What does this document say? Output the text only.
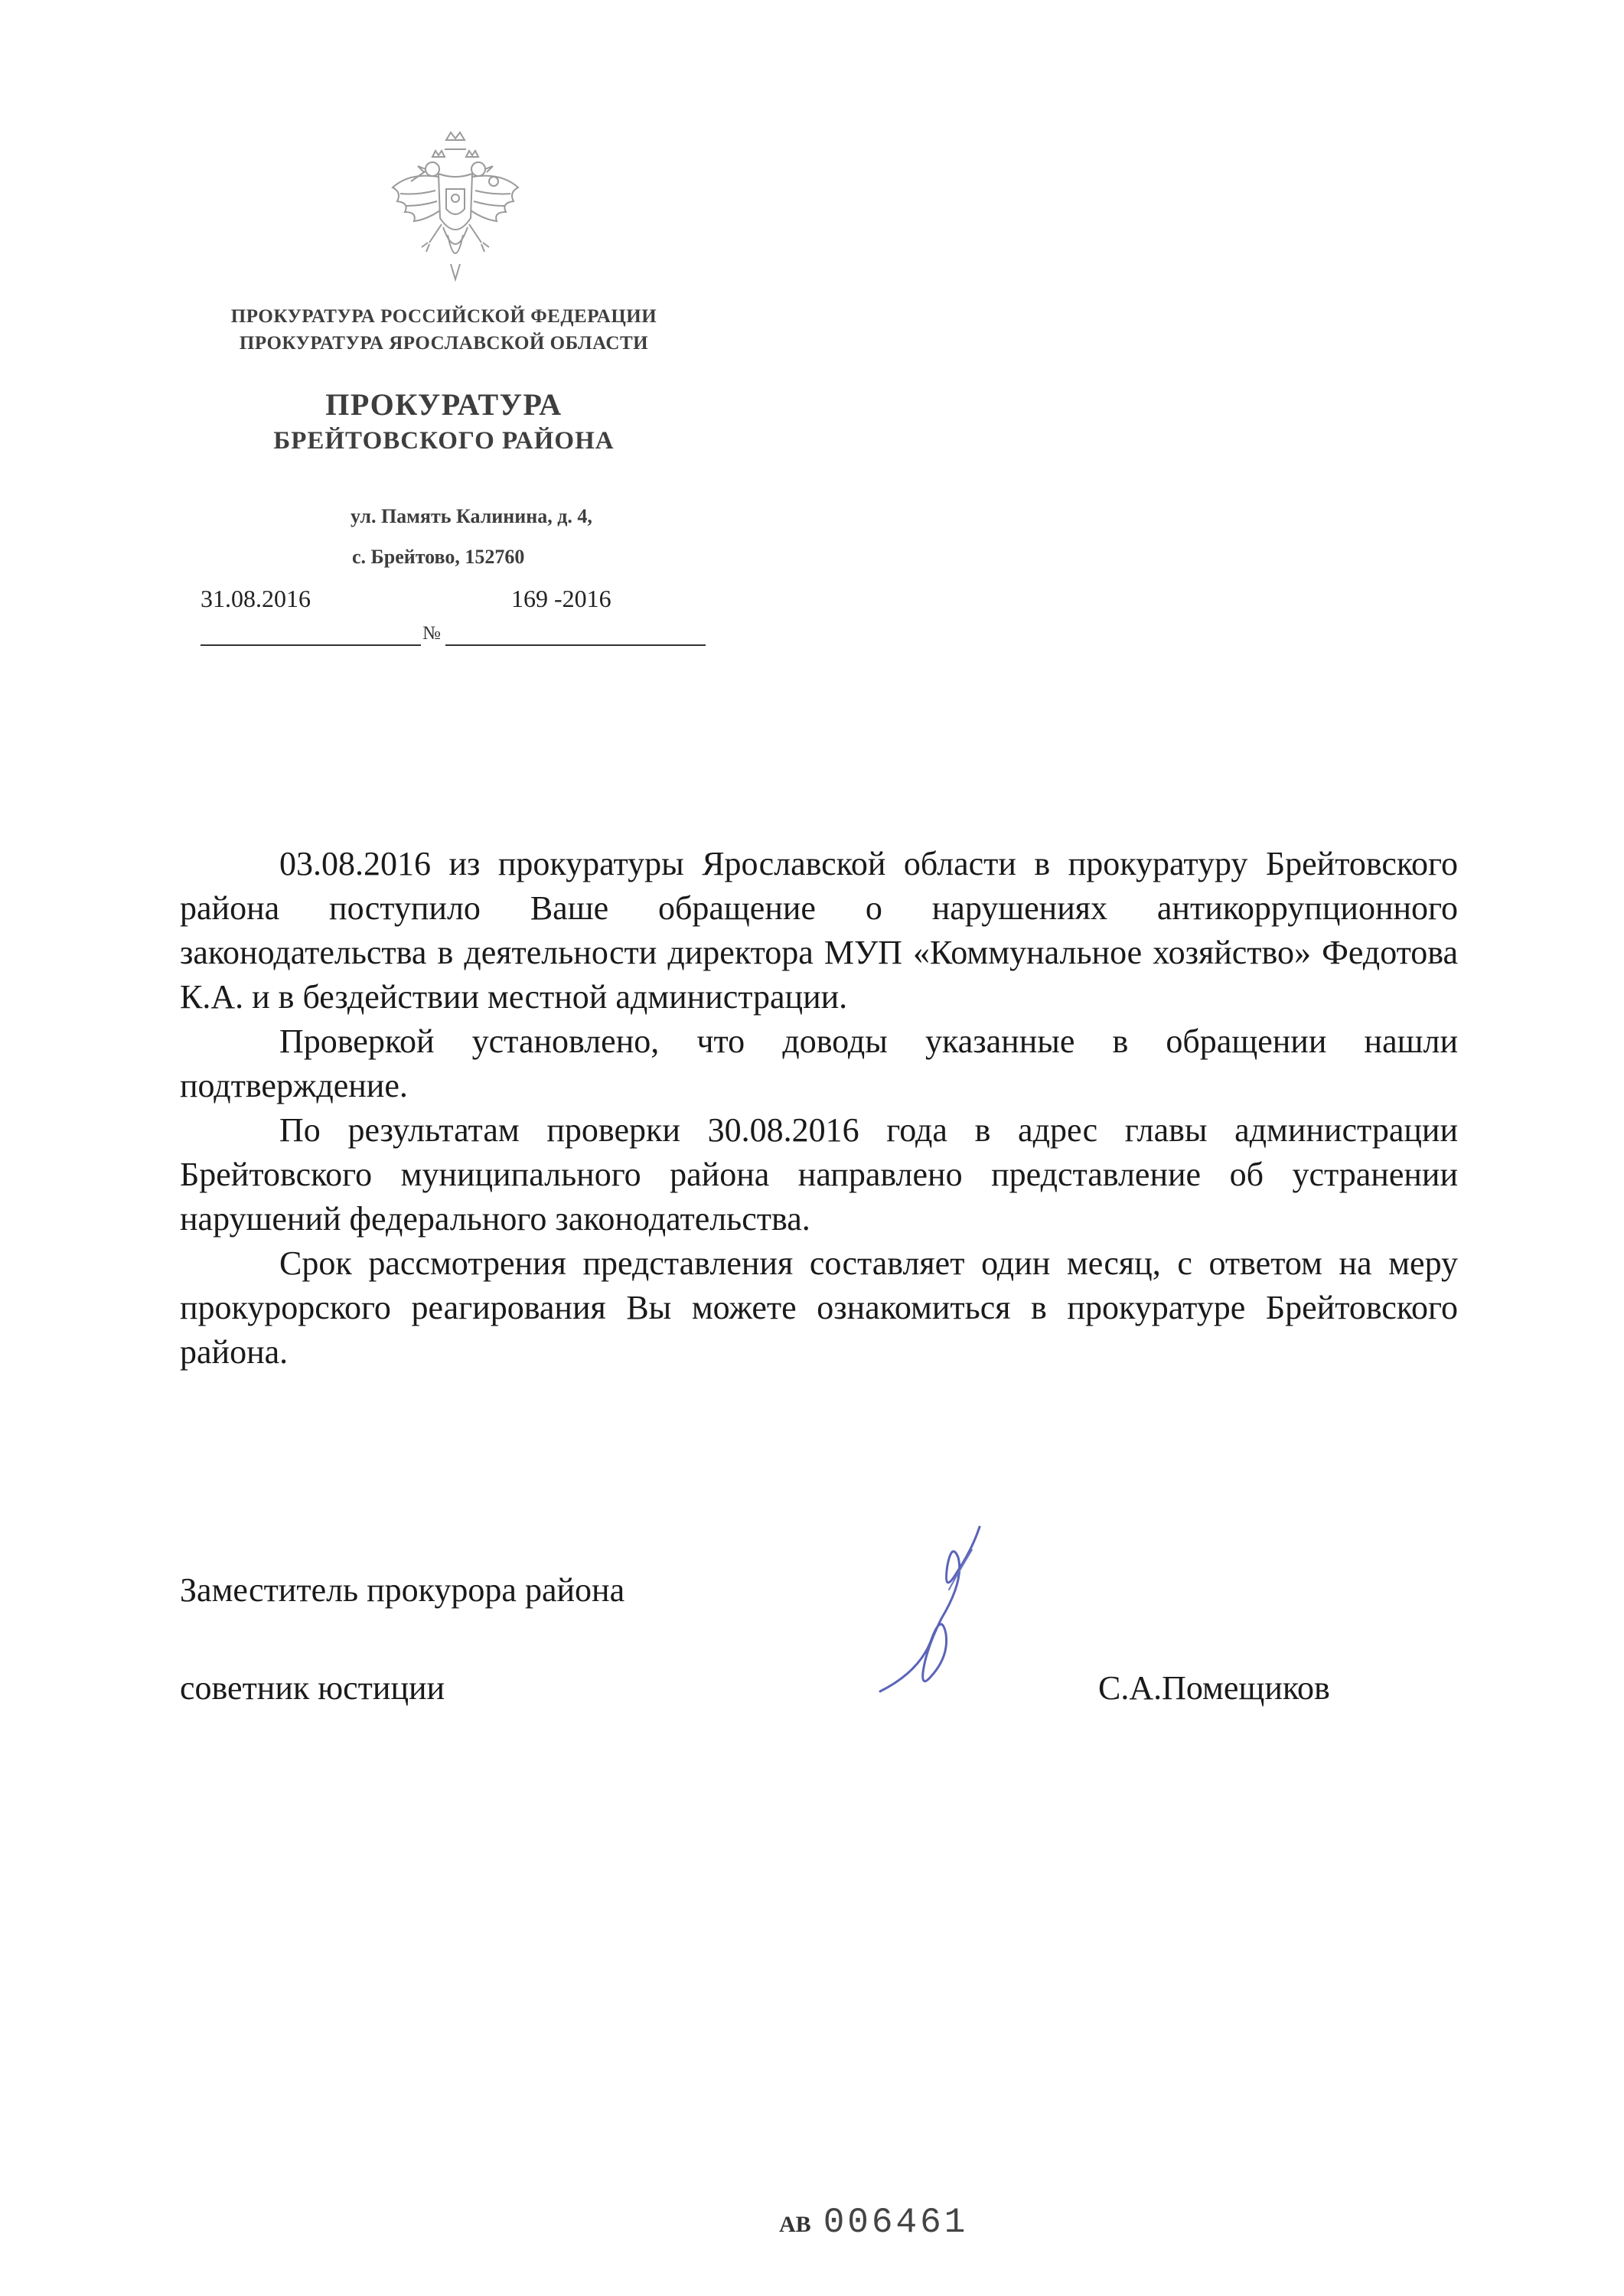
ПРОКУРАТУРА РОССИЙСКОЙ ФЕДЕРАЦИИ
ПРОКУРАТУРА ЯРОСЛАВСКОЙ ОБЛАСТИ
ПРОКУРАТУРА
БРЕЙТОВСКОГО РАЙОНА
ул. Память Калинина, д. 4,
с. Брейтово, 152760
31.08.2016	169 -2016
№

03.08.2016 из прокуратуры Ярославской области в прокуратуру Брейтовского района поступило Ваше обращение о нарушениях антикоррупционного законодательства в деятельности директора МУП «Коммунальное хозяйство» Федотова К.А. и в бездействии местной администрации.

Проверкой установлено, что доводы указанные в обращении нашли подтверждение.

По результатам проверки 30.08.2016 года в адрес главы администрации Брейтовского муниципального района направлено представление об устранении нарушений федерального законодательства.

Срок рассмотрения представления составляет один месяц, с ответом на меру прокурорского реагирования Вы можете ознакомиться в прокуратуре Брейтовского района.

Заместитель прокурора района
советник юстиции	С.А.Помещиков
АВ 006461
